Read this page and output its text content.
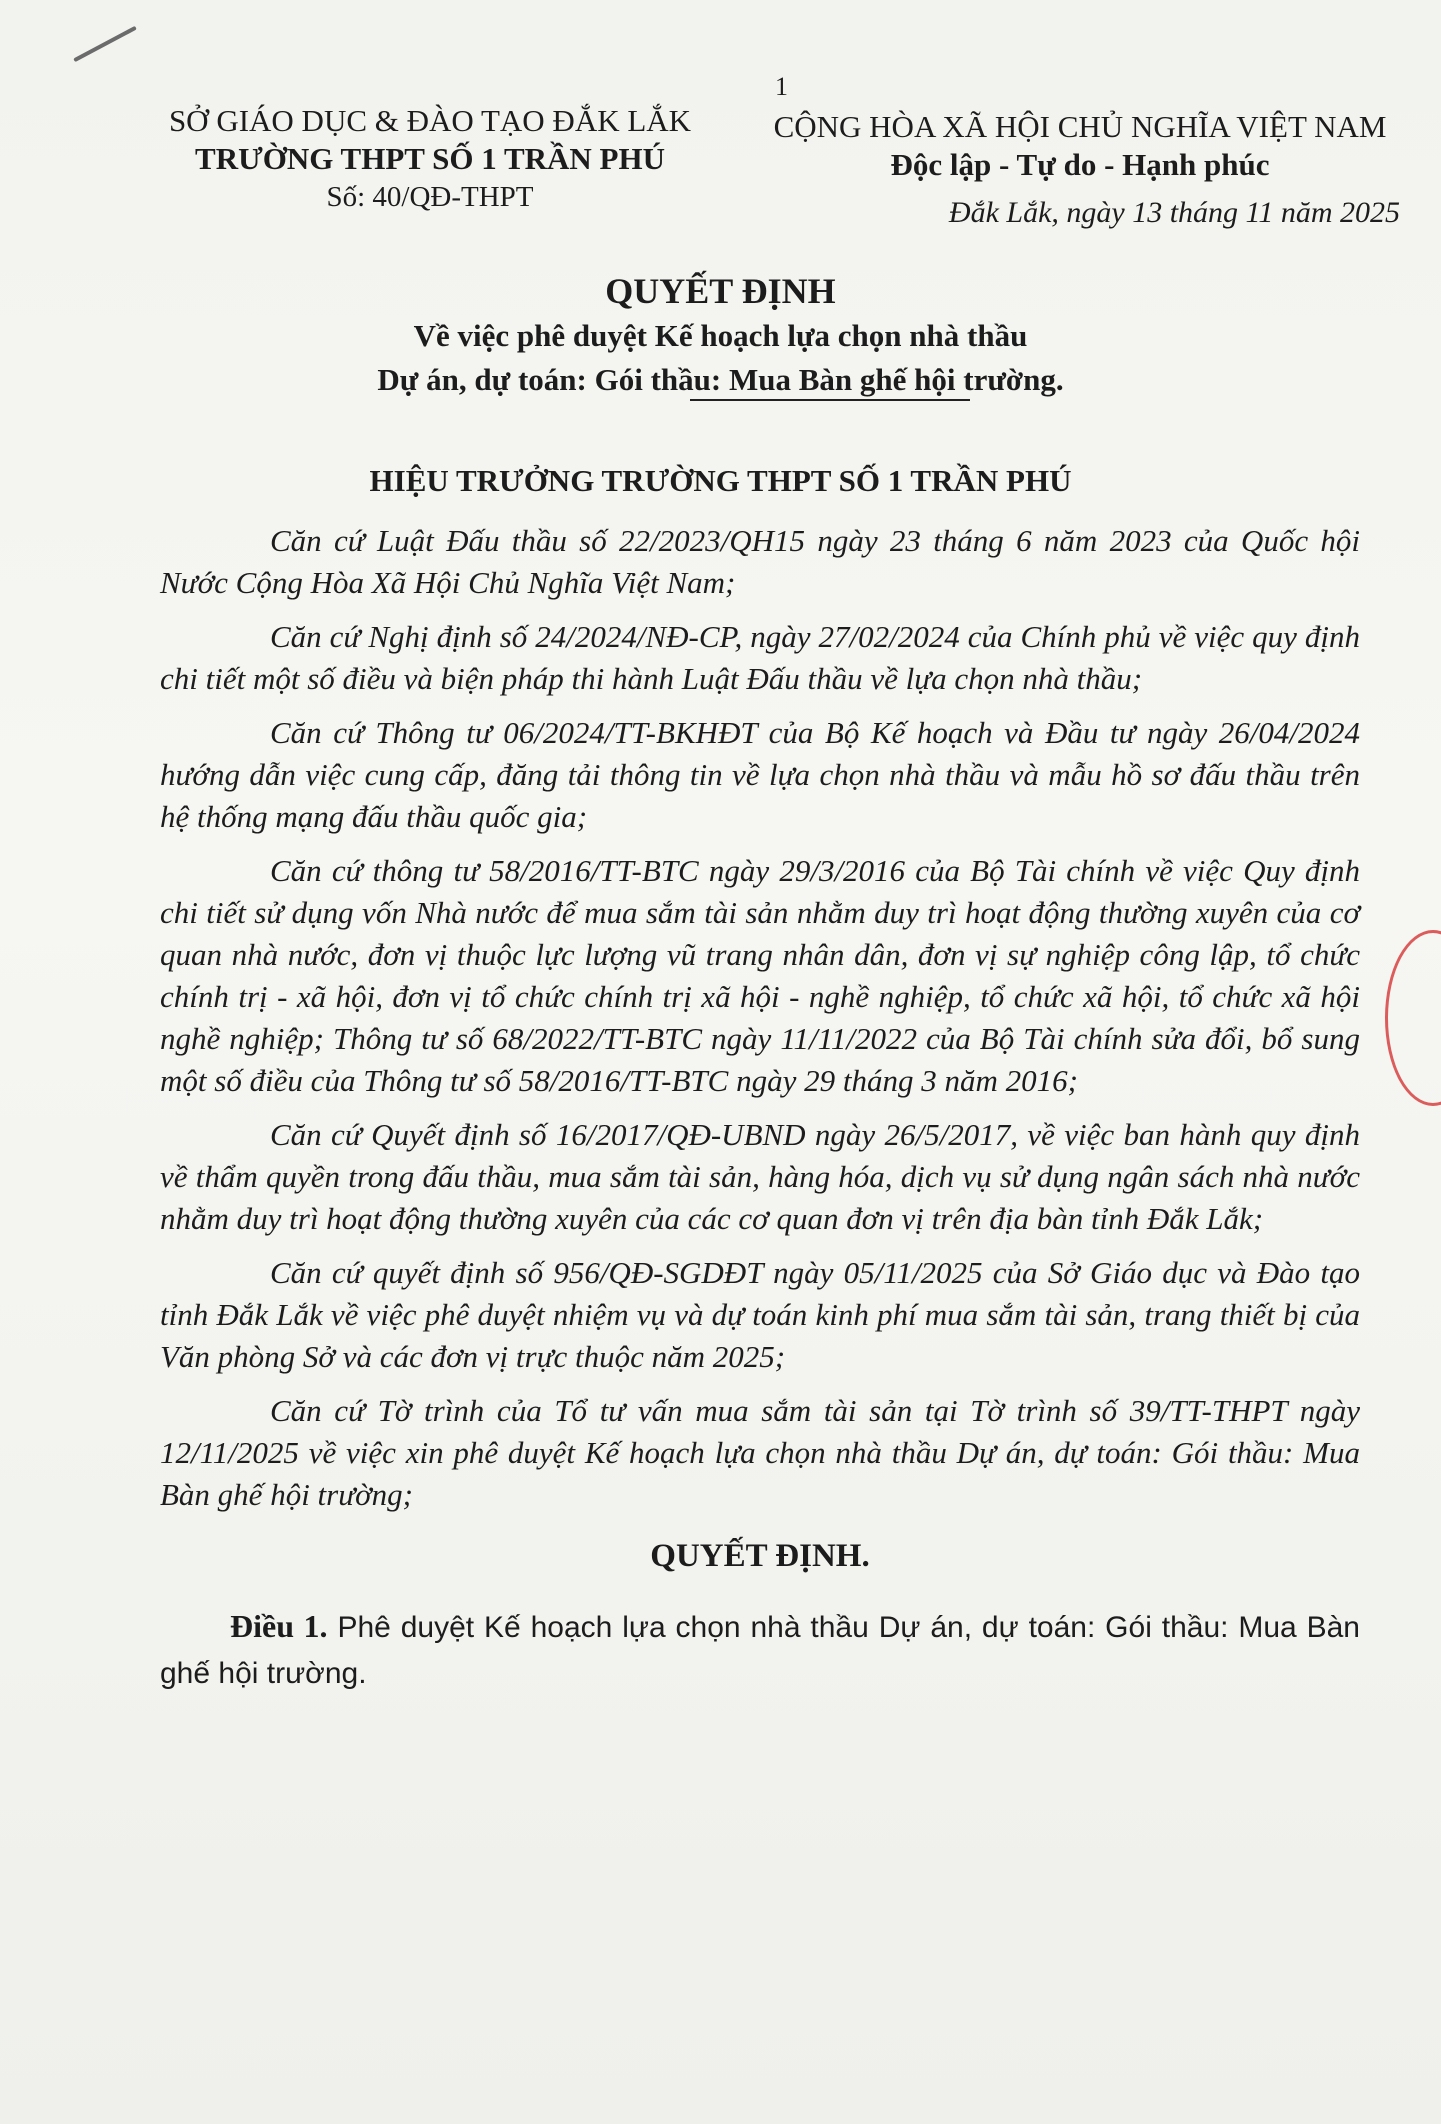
1
SỞ GIÁO DỤC & ĐÀO TẠO ĐẮK LẮK
TRƯỜNG THPT SỐ 1 TRẦN PHÚ
Số: 40/QĐ-THPT
CỘNG HÒA XÃ HỘI CHỦ NGHĨA VIỆT NAM
Độc lập - Tự do - Hạnh phúc
Đắk Lắk, ngày 13 tháng 11 năm 2025
QUYẾT ĐỊNH
Về việc phê duyệt Kế hoạch lựa chọn nhà thầu
Dự án, dự toán: Gói thầu: Mua Bàn ghế hội trường.
HIỆU TRƯỞNG TRƯỜNG THPT SỐ 1 TRẦN PHÚ

Căn cứ Luật Đấu thầu số 22/2023/QH15 ngày 23 tháng 6 năm 2023 của Quốc hội Nước Cộng Hòa Xã Hội Chủ Nghĩa Việt Nam;

Căn cứ Nghị định số 24/2024/NĐ-CP, ngày 27/02/2024 của Chính phủ về việc quy định chi tiết một số điều và biện pháp thi hành Luật Đấu thầu về lựa chọn nhà thầu;

Căn cứ Thông tư 06/2024/TT-BKHĐT của Bộ Kế hoạch và Đầu tư ngày 26/04/2024 hướng dẫn việc cung cấp, đăng tải thông tin về lựa chọn nhà thầu và mẫu hồ sơ đấu thầu trên hệ thống mạng đấu thầu quốc gia;

Căn cứ thông tư 58/2016/TT-BTC ngày 29/3/2016 của Bộ Tài chính về việc Quy định chi tiết sử dụng vốn Nhà nước để mua sắm tài sản nhằm duy trì hoạt động thường xuyên của cơ quan nhà nước, đơn vị thuộc lực lượng vũ trang nhân dân, đơn vị sự nghiệp công lập, tổ chức chính trị - xã hội, đơn vị tổ chức chính trị xã hội - nghề nghiệp, tổ chức xã hội, tổ chức xã hội nghề nghiệp; Thông tư số 68/2022/TT-BTC ngày 11/11/2022 của Bộ Tài chính sửa đổi, bổ sung một số điều của Thông tư số 58/2016/TT-BTC ngày 29 tháng 3 năm 2016;

Căn cứ Quyết định số 16/2017/QĐ-UBND ngày 26/5/2017, về việc ban hành quy định về thẩm quyền trong đấu thầu, mua sắm tài sản, hàng hóa, dịch vụ sử dụng ngân sách nhà nước nhằm duy trì hoạt động thường xuyên của các cơ quan đơn vị trên địa bàn tỉnh Đắk Lắk;

Căn cứ quyết định số 956/QĐ-SGDĐT ngày 05/11/2025 của Sở Giáo dục và Đào tạo tỉnh Đắk Lắk về việc phê duyệt nhiệm vụ và dự toán kinh phí mua sắm tài sản, trang thiết bị của Văn phòng Sở và các đơn vị trực thuộc năm 2025;

Căn cứ Tờ trình của Tổ tư vấn mua sắm tài sản tại Tờ trình số 39/TT-THPT ngày 12/11/2025 về việc xin phê duyệt Kế hoạch lựa chọn nhà thầu Dự án, dự toán: Gói thầu: Mua Bàn ghế hội trường;

QUYẾT ĐỊNH.

Điều 1. Phê duyệt Kế hoạch lựa chọn nhà thầu Dự án, dự toán: Gói thầu: Mua Bàn ghế hội trường.
